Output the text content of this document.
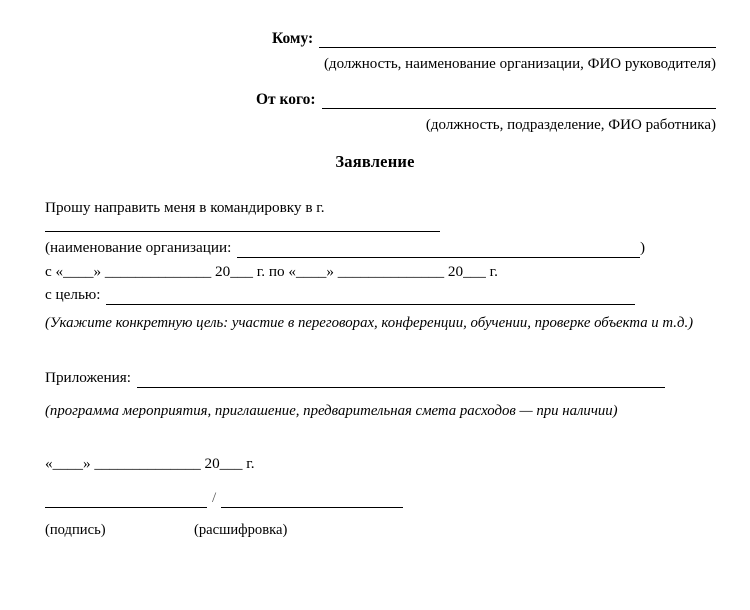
Кому:
(должность, наименование организации, ФИО руководителя)
От кого:
(должность, подразделение, ФИО работника)
Заявление
Прошу направить меня в командировку в г.
(наименование организации:	)
с «____» ______________ 20___ г. по «____» ______________ 20___ г.
с целью:
(Укажите конкретную цель: участие в переговорах, конференции, обучении, проверке объекта и т.д.)
Приложения:
(программа мероприятия, приглашение, предварительная смета расходов — при наличии)
«____» ______________ 20___ г.
/
(подпись)	(расшифровка)
